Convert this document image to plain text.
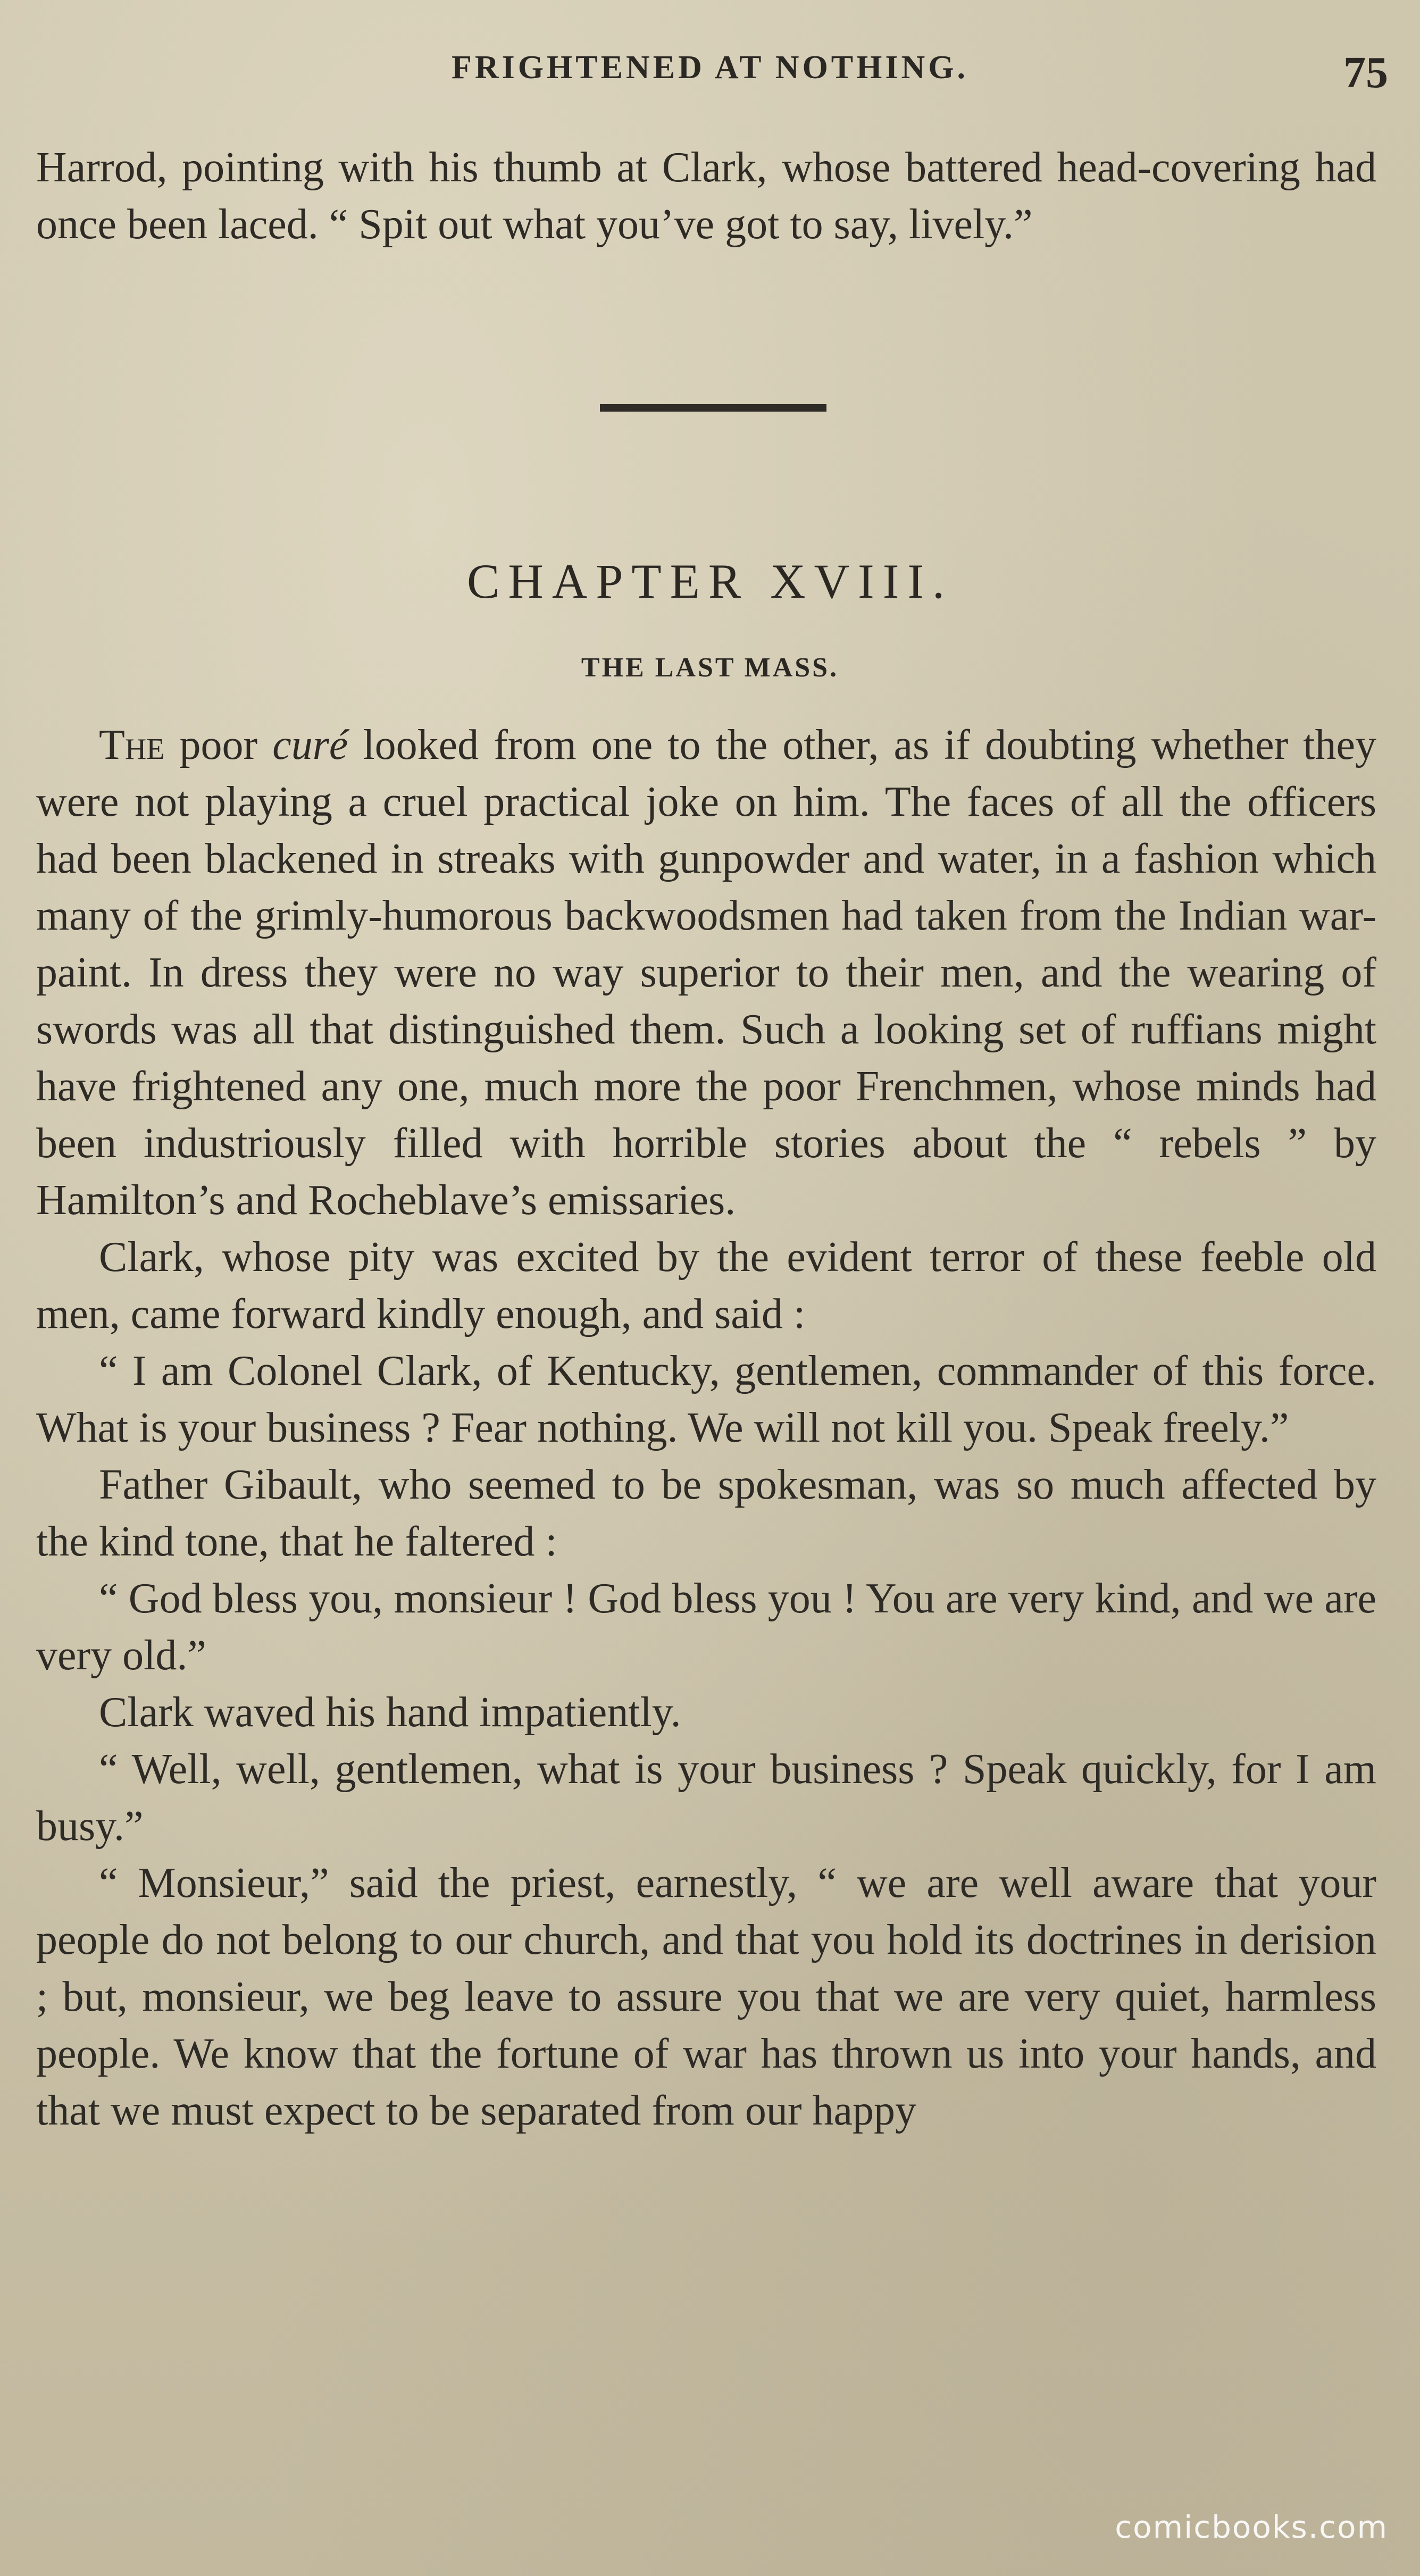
FRIGHTENED AT NOTHING.	75

Harrod, pointing with his thumb at Clark, whose battered head-covering had once been laced. “ Spit out what you’ve got to say, lively.”

CHAPTER XVIII.
THE LAST MASS.

The poor curé looked from one to the other, as if doubting whether they were not playing a cruel practical joke on him. The faces of all the officers had been blackened in streaks with gunpowder and water, in a fashion which many of the grimly-humorous backwoodsmen had taken from the Indian war-paint. In dress they were no way superior to their men, and the wearing of swords was all that distinguished them. Such a looking set of ruffians might have frightened any one, much more the poor Frenchmen, whose minds had been industriously filled with horrible stories about the “ rebels ” by Hamilton’s and Rocheblave’s emissaries.

Clark, whose pity was excited by the evident terror of these feeble old men, came forward kindly enough, and said :

“ I am Colonel Clark, of Kentucky, gentlemen, commander of this force. What is your business ? Fear nothing. We will not kill you. Speak freely.”

Father Gibault, who seemed to be spokesman, was so much affected by the kind tone, that he faltered :

“ God bless you, monsieur ! God bless you ! You are very kind, and we are very old.”

Clark waved his hand impatiently.

“ Well, well, gentlemen, what is your business ? Speak quickly, for I am busy.”

“ Monsieur,” said the priest, earnestly, “ we are well aware that your people do not belong to our church, and that you hold its doctrines in derision ; but, monsieur, we beg leave to assure you that we are very quiet, harmless people. We know that the fortune of war has thrown us into your hands, and that we must expect to be separated from our happy

comicbooks.com
